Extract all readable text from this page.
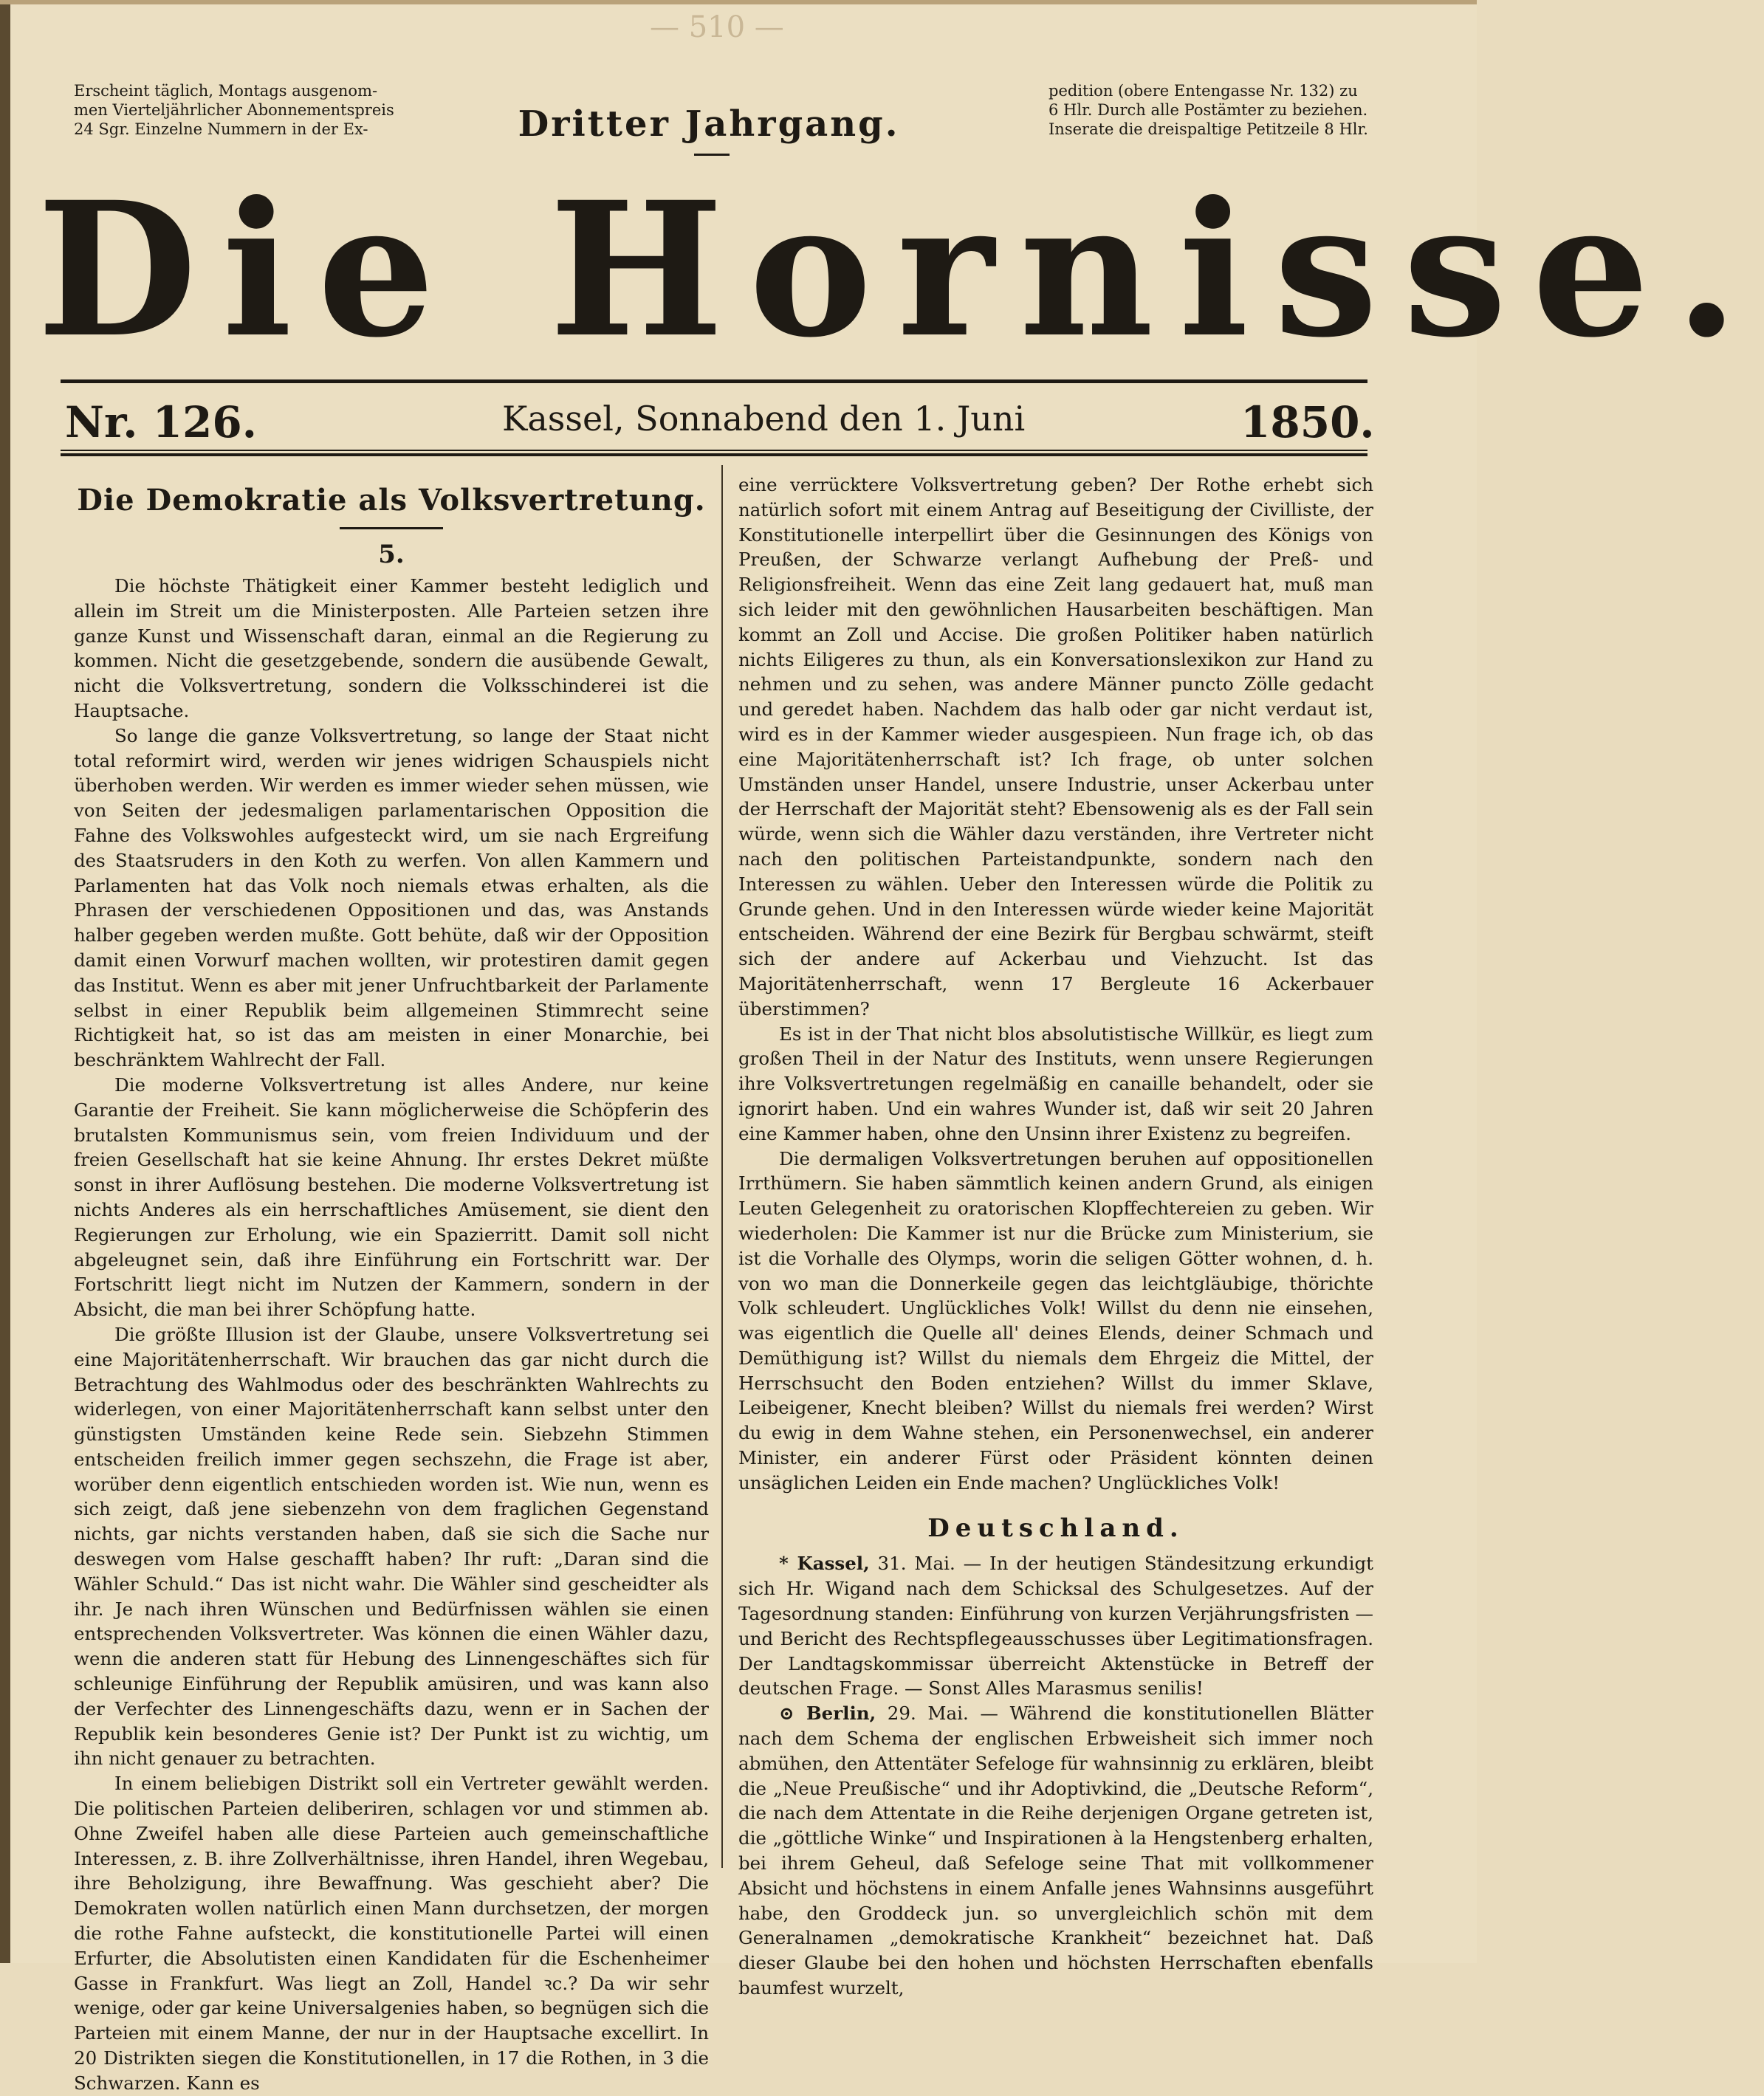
— 510 —
Erscheint täglich, Montags ausgenom-
men Vierteljährlicher Abonnementspreis
24 Sgr. Einzelne Nummern in der Ex-	Dritter Jahrgang.
pedition (obere Entengasse Nr. 132) zu
6 Hlr. Durch alle Postämter zu beziehen.
Inserate die dreispaltige Petitzeile 8 Hlr.
Die Hornisse.
Nr. 126.	Kassel, Sonnabend den 1. Juni	1850.
Die Demokratie als Volksvertretung.
5.

Die höchste Thätigkeit einer Kammer besteht lediglich und allein im Streit um die Ministerposten. Alle Parteien setzen ihre ganze Kunst und Wissenschaft daran, einmal an die Regierung zu kommen. Nicht die gesetzgebende, sondern die ausübende Gewalt, nicht die Volksvertretung, sondern die Volksschinderei ist die Hauptsache.

So lange die ganze Volksvertretung, so lange der Staat nicht total reformirt wird, werden wir jenes widrigen Schauspiels nicht überhoben werden. Wir werden es immer wieder sehen müssen, wie von Seiten der jedesmaligen parlamentarischen Opposition die Fahne des Volkswohles aufgesteckt wird, um sie nach Ergreifung des Staatsruders in den Koth zu werfen. Von allen Kammern und Parlamenten hat das Volk noch niemals etwas erhalten, als die Phrasen der verschiedenen Oppositionen und das, was Anstands halber gegeben werden mußte. Gott behüte, daß wir der Opposition damit einen Vorwurf machen wollten, wir protestiren damit gegen das Institut. Wenn es aber mit jener Unfruchtbarkeit der Parlamente selbst in einer Republik beim allgemeinen Stimmrecht seine Richtigkeit hat, so ist das am meisten in einer Monarchie, bei beschränktem Wahlrecht der Fall.

Die moderne Volksvertretung ist alles Andere, nur keine Garantie der Freiheit. Sie kann möglicherweise die Schöpferin des brutalsten Kommunismus sein, vom freien Individuum und der freien Gesellschaft hat sie keine Ahnung. Ihr erstes Dekret müßte sonst in ihrer Auflösung bestehen. Die moderne Volksvertretung ist nichts Anderes als ein herrschaftliches Amüsement, sie dient den Regierungen zur Erholung, wie ein Spazierritt. Damit soll nicht abgeleugnet sein, daß ihre Einführung ein Fortschritt war. Der Fortschritt liegt nicht im Nutzen der Kammern, sondern in der Absicht, die man bei ihrer Schöpfung hatte.

Die größte Illusion ist der Glaube, unsere Volksvertretung sei eine Majoritätenherrschaft. Wir brauchen das gar nicht durch die Betrachtung des Wahlmodus oder des beschränkten Wahlrechts zu widerlegen, von einer Majoritätenherrschaft kann selbst unter den günstigsten Umständen keine Rede sein. Siebzehn Stimmen entscheiden freilich immer gegen sechszehn, die Frage ist aber, worüber denn eigentlich entschieden worden ist. Wie nun, wenn es sich zeigt, daß jene siebenzehn von dem fraglichen Gegenstand nichts, gar nichts verstanden haben, daß sie sich die Sache nur deswegen vom Halse geschafft haben? Ihr ruft: „Daran sind die Wähler Schuld.“ Das ist nicht wahr. Die Wähler sind gescheidter als ihr. Je nach ihren Wünschen und Bedürfnissen wählen sie einen entsprechenden Volksvertreter. Was können die einen Wähler dazu, wenn die anderen statt für Hebung des Linnengeschäftes sich für schleunige Einführung der Republik amüsiren, und was kann also der Verfechter des Linnengeschäfts dazu, wenn er in Sachen der Republik kein besonderes Genie ist? Der Punkt ist zu wichtig, um ihn nicht genauer zu betrachten.

In einem beliebigen Distrikt soll ein Vertreter gewählt werden. Die politischen Parteien deliberiren, schlagen vor und stimmen ab. Ohne Zweifel haben alle diese Parteien auch gemeinschaftliche Interessen, z. B. ihre Zollverhältnisse, ihren Handel, ihren Wegebau, ihre Beholzigung, ihre Bewaffnung. Was geschieht aber? Die Demokraten wollen natürlich einen Mann durchsetzen, der morgen die rothe Fahne aufsteckt, die konstitutionelle Partei will einen Erfurter, die Absolutisten einen Kandidaten für die Eschenheimer Gasse in Frankfurt. Was liegt an Zoll, Handel ꝛc.? Da wir sehr wenige, oder gar keine Universalgenies haben, so begnügen sich die Parteien mit einem Manne, der nur in der Hauptsache excellirt. In 20 Distrikten siegen die Konstitutionellen, in 17 die Rothen, in 3 die Schwarzen. Kann es

eine verrücktere Volksvertretung geben? Der Rothe erhebt sich natürlich sofort mit einem Antrag auf Beseitigung der Civilliste, der Konstitutionelle interpellirt über die Gesinnungen des Königs von Preußen, der Schwarze verlangt Aufhebung der Preß- und Religionsfreiheit. Wenn das eine Zeit lang gedauert hat, muß man sich leider mit den gewöhnlichen Hausarbeiten beschäftigen. Man kommt an Zoll und Accise. Die großen Politiker haben natürlich nichts Eiligeres zu thun, als ein Konversationslexikon zur Hand zu nehmen und zu sehen, was andere Männer puncto Zölle gedacht und geredet haben. Nachdem das halb oder gar nicht verdaut ist, wird es in der Kammer wieder ausgespieen. Nun frage ich, ob das eine Majoritätenherrschaft ist? Ich frage, ob unter solchen Umständen unser Handel, unsere Industrie, unser Ackerbau unter der Herrschaft der Majorität steht? Ebensowenig als es der Fall sein würde, wenn sich die Wähler dazu verständen, ihre Vertreter nicht nach den politischen Parteistandpunkte, sondern nach den Interessen zu wählen. Ueber den Interessen würde die Politik zu Grunde gehen. Und in den Interessen würde wieder keine Majorität entscheiden. Während der eine Bezirk für Bergbau schwärmt, steift sich der andere auf Ackerbau und Viehzucht. Ist das Majoritätenherrschaft, wenn 17 Bergleute 16 Ackerbauer überstimmen?

Es ist in der That nicht blos absolutistische Willkür, es liegt zum großen Theil in der Natur des Instituts, wenn unsere Regierungen ihre Volksvertretungen regelmäßig en canaille behandelt, oder sie ignorirt haben. Und ein wahres Wunder ist, daß wir seit 20 Jahren eine Kammer haben, ohne den Unsinn ihrer Existenz zu begreifen.

Die dermaligen Volksvertretungen beruhen auf oppositionellen Irrthümern. Sie haben sämmtlich keinen andern Grund, als einigen Leuten Gelegenheit zu oratorischen Klopffechtereien zu geben. Wir wiederholen: Die Kammer ist nur die Brücke zum Ministerium, sie ist die Vorhalle des Olymps, worin die seligen Götter wohnen, d. h. von wo man die Donnerkeile gegen das leichtgläubige, thörichte Volk schleudert. Unglückliches Volk! Willst du denn nie einsehen, was eigentlich die Quelle all' deines Elends, deiner Schmach und Demüthigung ist? Willst du niemals dem Ehrgeiz die Mittel, der Herrschsucht den Boden entziehen? Willst du immer Sklave, Leibeigener, Knecht bleiben? Willst du niemals frei werden? Wirst du ewig in dem Wahne stehen, ein Personenwechsel, ein anderer Minister, ein anderer Fürst oder Präsident könnten deinen unsäglichen Leiden ein Ende machen? Unglückliches Volk!

Deutschland.

* Kassel, 31. Mai. — In der heutigen Ständesitzung erkundigt sich Hr. Wigand nach dem Schicksal des Schulgesetzes. Auf der Tagesordnung standen: Einführung von kurzen Verjährungsfristen — und Bericht des Rechtspflegeausschusses über Legitimationsfragen. Der Landtagskommissar überreicht Aktenstücke in Betreff der deutschen Frage. — Sonst Alles Marasmus senilis!

⊙ Berlin, 29. Mai. — Während die konstitutionellen Blätter nach dem Schema der englischen Erbweisheit sich immer noch abmühen, den Attentäter Sefeloge für wahnsinnig zu erklären, bleibt die „Neue Preußische“ und ihr Adoptivkind, die „Deutsche Reform“, die nach dem Attentate in die Reihe derjenigen Organe getreten ist, die „göttliche Winke“ und Inspirationen à la Hengstenberg erhalten, bei ihrem Geheul, daß Sefeloge seine That mit vollkommener Absicht und höchstens in einem Anfalle jenes Wahnsinns ausgeführt habe, den Groddeck jun. so unvergleichlich schön mit dem Generalnamen „demokratische Krankheit“ bezeichnet hat. Daß dieser Glaube bei den hohen und höchsten Herrschaften ebenfalls baumfest wurzelt,
